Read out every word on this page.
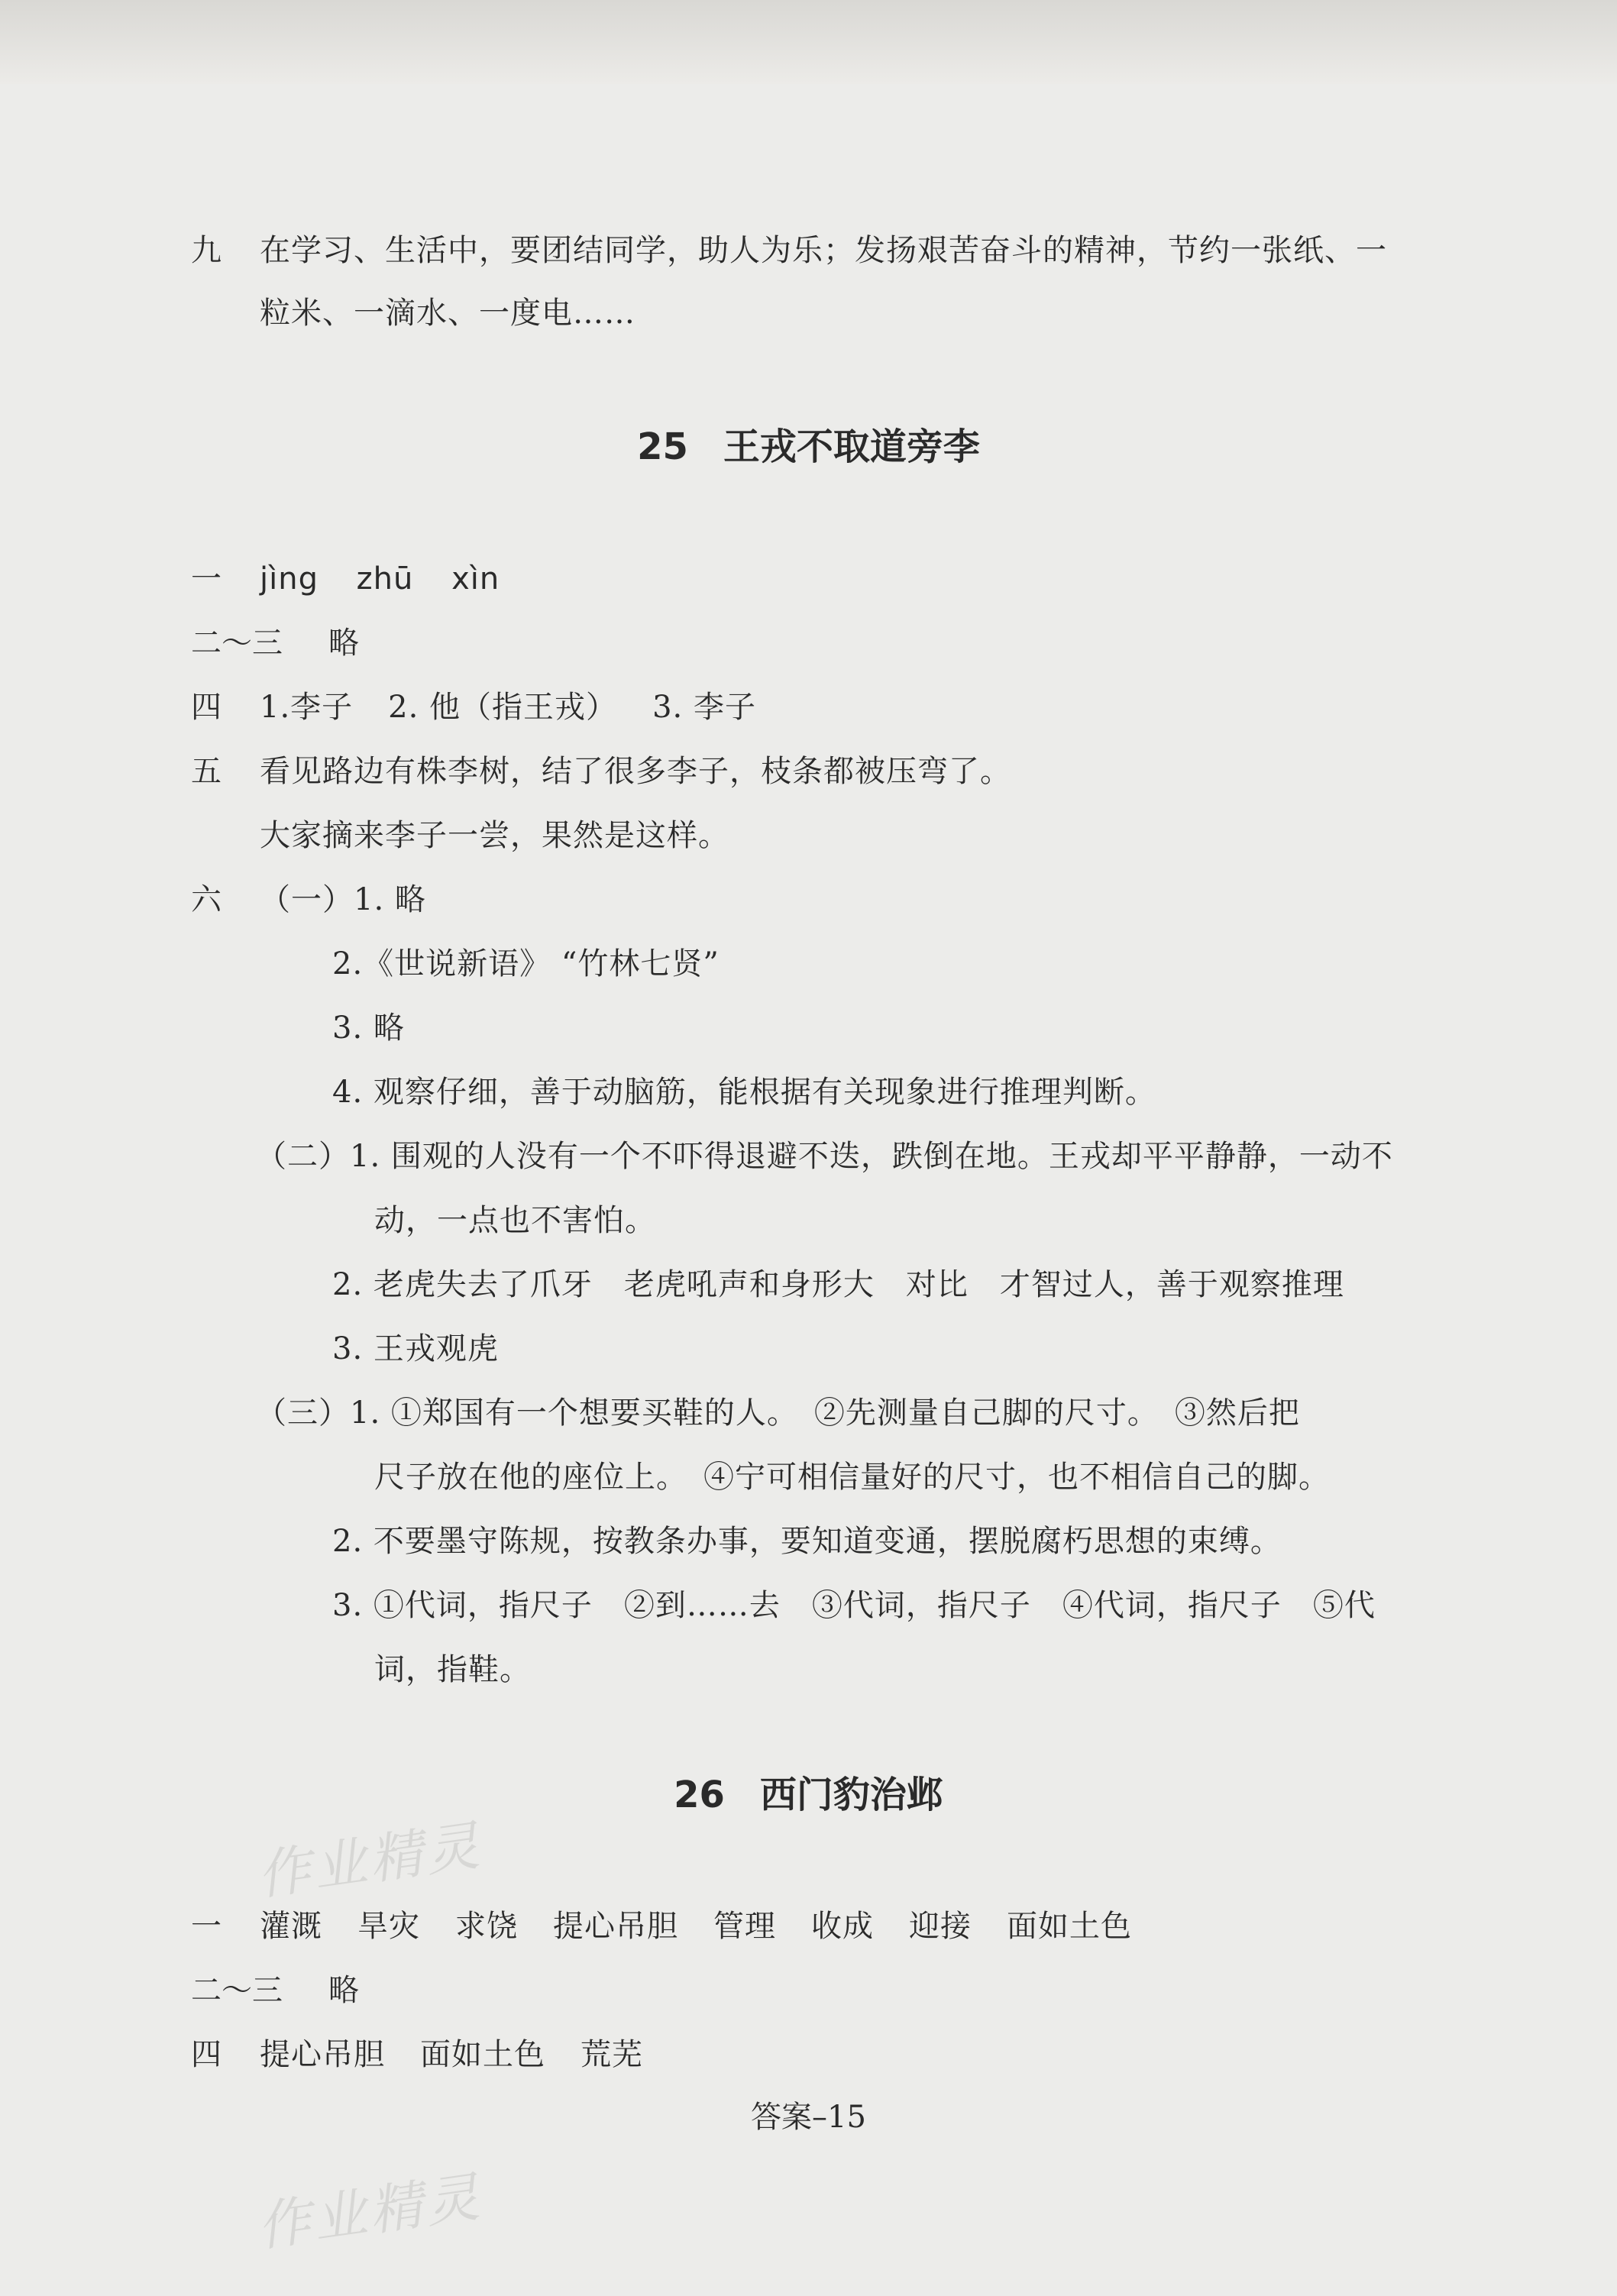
九 在学习、生活中，要团结同学，助人为乐；发扬艰苦奋斗的精神，节约一张纸、一
粒米、一滴水、一度电……
25 王戎不取道旁李
一 jìng zhū xìn
二～三 略
四 1.李子 2. 他（指王戎） 3. 李子
五 看见路边有株李树，结了很多李子，枝条都被压弯了。
大家摘来李子一尝，果然是这样。
六 （一）1. 略
2.《世说新语》 “竹林七贤”
3. 略
4. 观察仔细，善于动脑筋，能根据有关现象进行推理判断。
（二）1. 围观的人没有一个不吓得退避不迭，跌倒在地。王戎却平平静静，一动不
动，一点也不害怕。
2. 老虎失去了爪牙　老虎吼声和身形大　对比　才智过人，善于观察推理
3. 王戎观虎
（三）1. ①郑国有一个想要买鞋的人。　②先测量自己脚的尺寸。　③然后把
尺子放在他的座位上。　④宁可相信量好的尺寸，也不相信自己的脚。
2. 不要墨守陈规，按教条办事，要知道变通，摆脱腐朽思想的束缚。
3. ①代词，指尺子　②到……去　③代词，指尺子　④代词，指尺子　⑤代
词，指鞋。
26 西门豹治邺
作业精灵
一 灌溉 旱灾 求饶 提心吊胆 管理 收成 迎接 面如土色
二～三 略
四 提心吊胆 面如土色 荒芜
答案–15
作业精灵
